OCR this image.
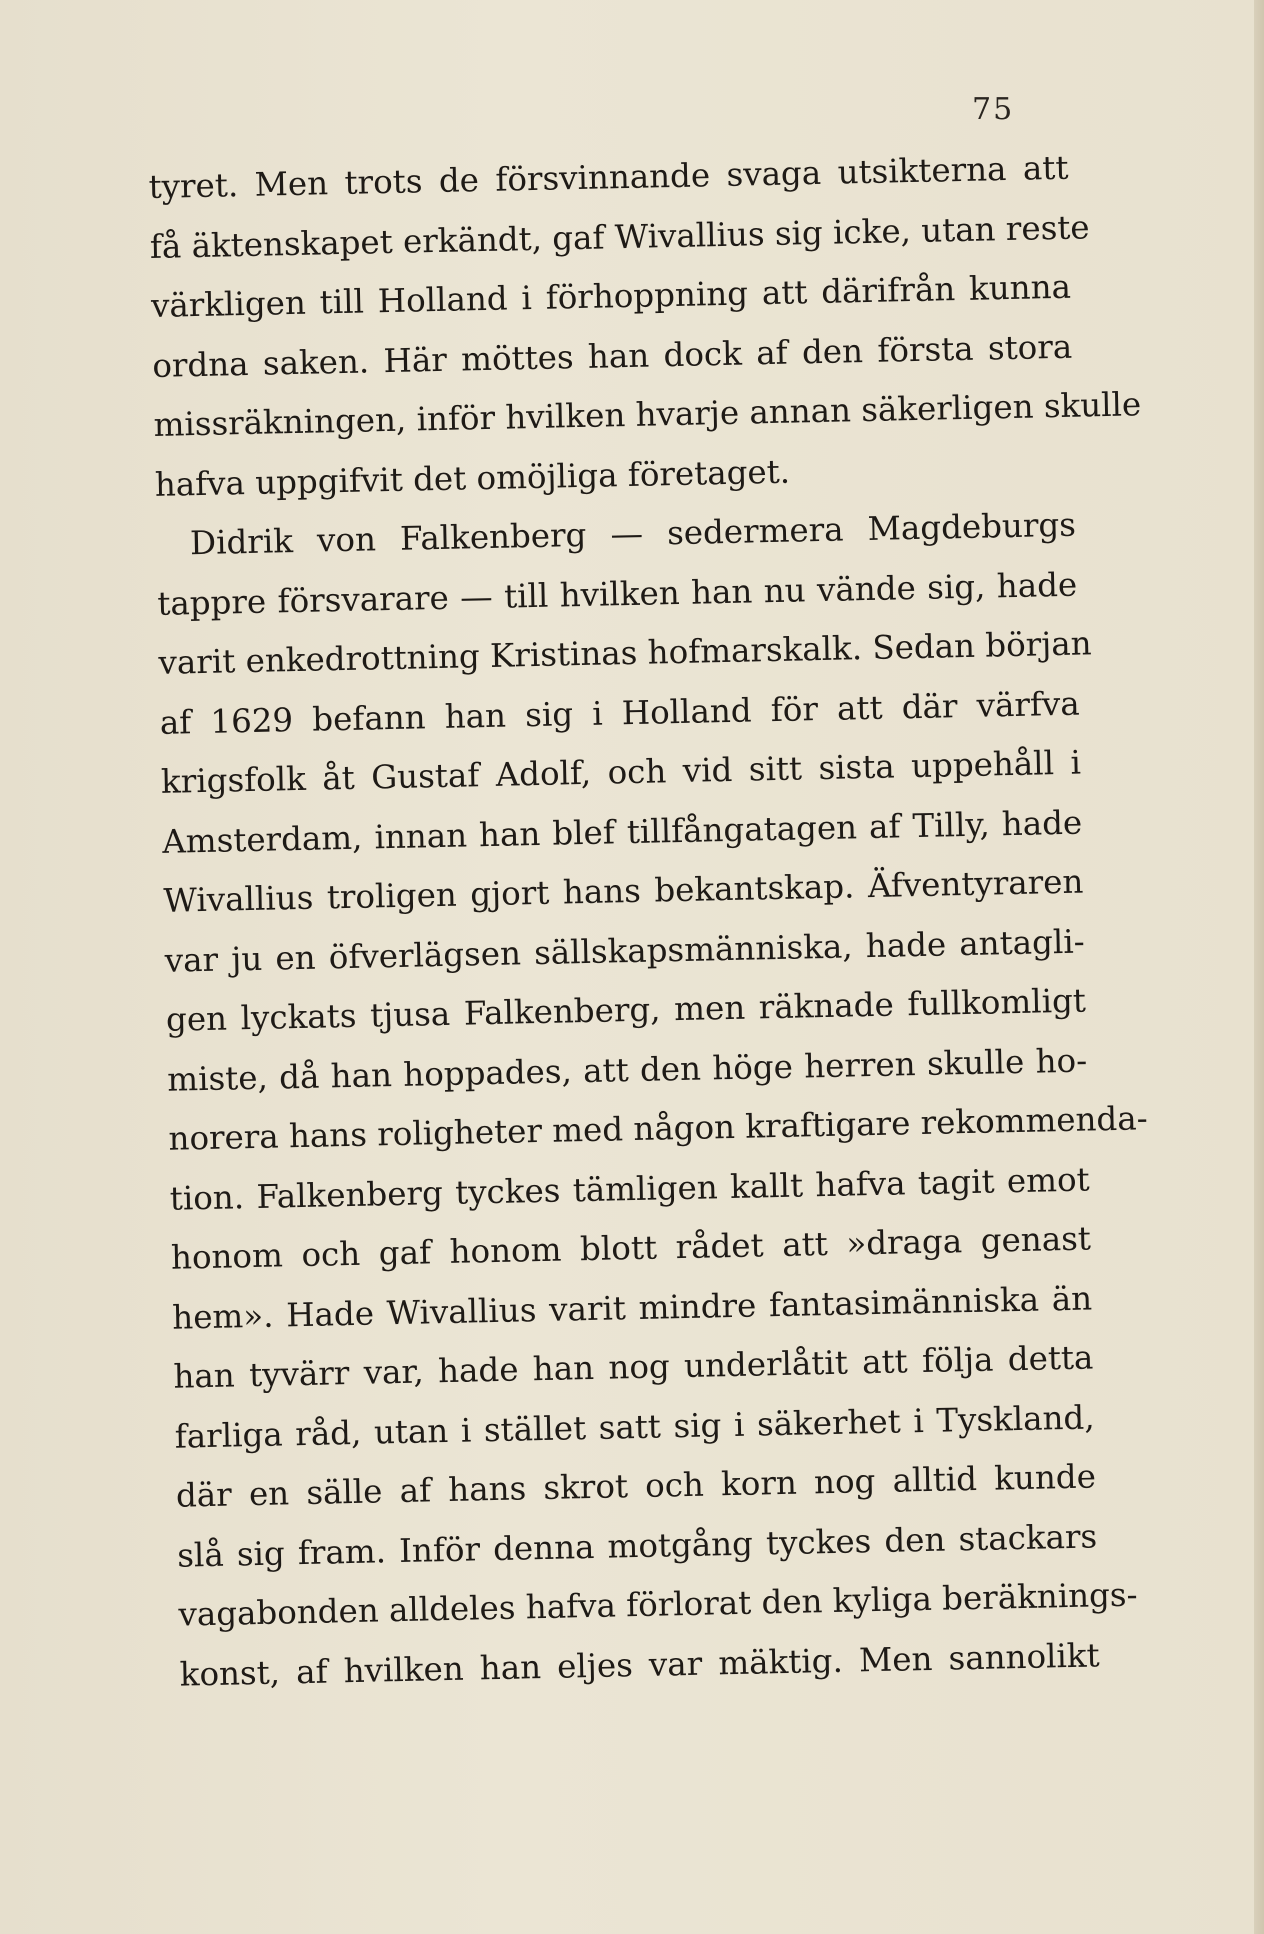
75
tyret. Men trots de försvinnande svaga utsikterna att
få äktenskapet erkändt, gaf Wivallius sig icke, utan reste
värkligen till Holland i förhoppning att därifrån kunna
ordna saken. Här möttes han dock af den första stora
missräkningen, inför hvilken hvarje annan säkerligen skulle
hafva uppgifvit det omöjliga företaget.
Didrik von Falkenberg — sedermera Magdeburgs
tappre försvarare — till hvilken han nu vände sig, hade
varit enkedrottning Kristinas hofmarskalk. Sedan början
af 1629 befann han sig i Holland för att där värfva
krigsfolk åt Gustaf Adolf, och vid sitt sista uppehåll i
Amsterdam, innan han blef tillfångatagen af Tilly, hade
Wivallius troligen gjort hans bekantskap. Äfventyraren
var ju en öfverlägsen sällskapsmänniska, hade antagli-
gen lyckats tjusa Falkenberg, men räknade fullkomligt
miste, då han hoppades, att den höge herren skulle ho-
norera hans roligheter med någon kraftigare rekommenda-
tion. Falkenberg tyckes tämligen kallt hafva tagit emot
honom och gaf honom blott rådet att »draga genast
hem». Hade Wivallius varit mindre fantasimänniska än
han tyvärr var, hade han nog underlåtit att följa detta
farliga råd, utan i stället satt sig i säkerhet i Tyskland,
där en sälle af hans skrot och korn nog alltid kunde
slå sig fram. Inför denna motgång tyckes den stackars
vagabonden alldeles hafva förlorat den kyliga beräknings-
konst, af hvilken han eljes var mäktig. Men sannolikt
